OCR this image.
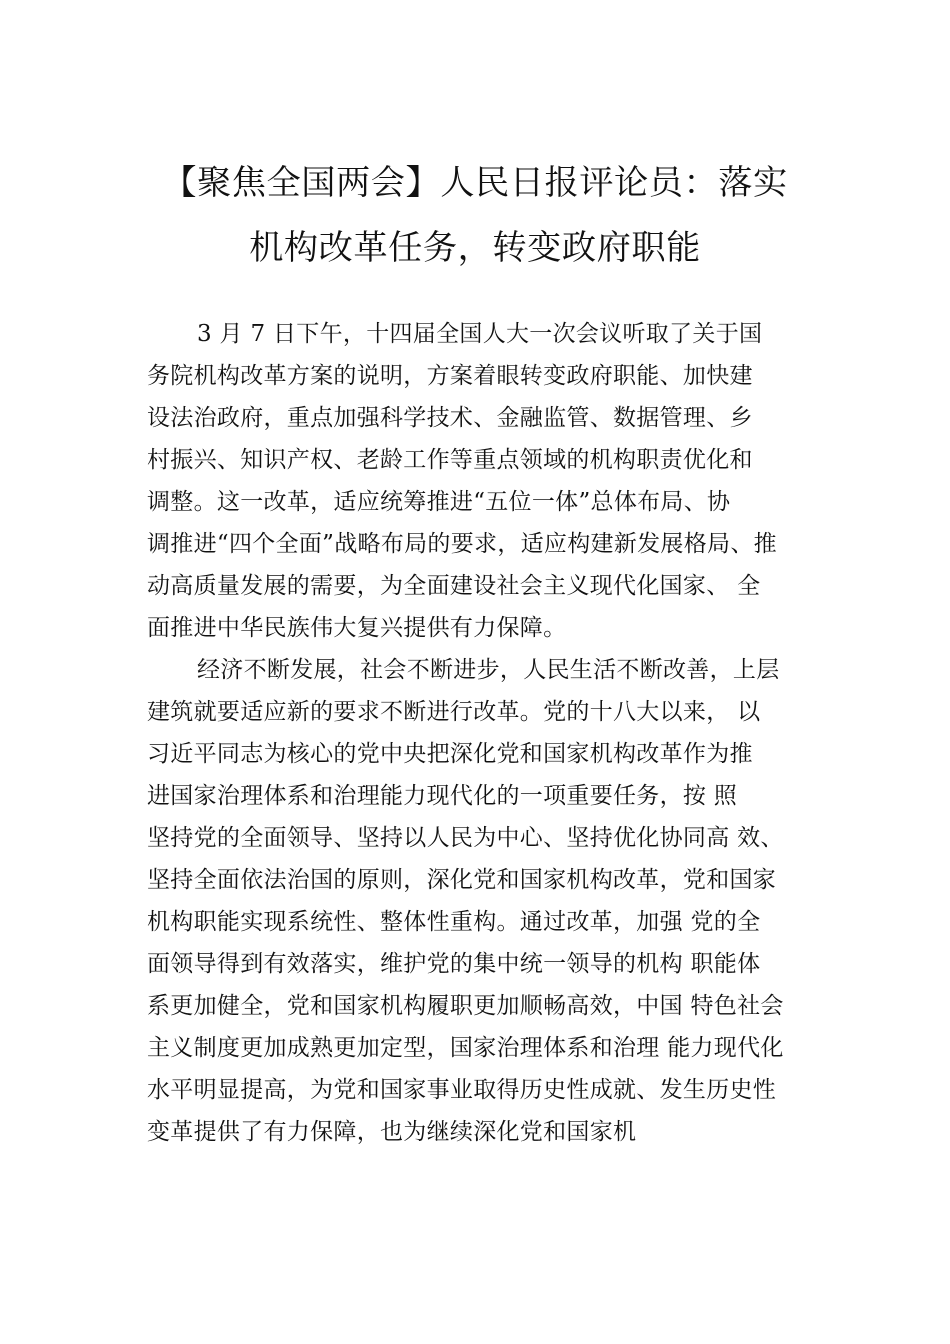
【聚焦全国两会】人民日报评论员：落实
机构改革任务，转变政府职能
3 月 7 日下午，十四届全国人大一次会议听取了关于国
务院机构改革方案的说明，方案着眼转变政府职能、加快建
设法治政府，重点加强科学技术、金融监管、数据管理、乡
村振兴、知识产权、老龄工作等重点领域的机构职责优化和
调整。这一改革，适应统筹推进“五位一体”总体布局、协
调推进“四个全面”战略布局的要求，适应构建新发展格局、推
动高质量发展的需要，为全面建设社会主义现代化国家、 全
面推进中华民族伟大复兴提供有力保障。
经济不断发展，社会不断进步，人民生活不断改善，上层
建筑就要适应新的要求不断进行改革。党的十八大以来， 以
习近平同志为核心的党中央把深化党和国家机构改革作为推
进国家治理体系和治理能力现代化的一项重要任务，按 照
坚持党的全面领导、坚持以人民为中心、坚持优化协同高 效、
坚持全面依法治国的原则，深化党和国家机构改革，党和国家
机构职能实现系统性、整体性重构。通过改革，加强 党的全
面领导得到有效落实，维护党的集中统一领导的机构 职能体
系更加健全，党和国家机构履职更加顺畅高效，中国 特色社会
主义制度更加成熟更加定型，国家治理体系和治理 能力现代化
水平明显提高，为党和国家事业取得历史性成就、发生历史性
变革提供了有力保障，也为继续深化党和国家机
